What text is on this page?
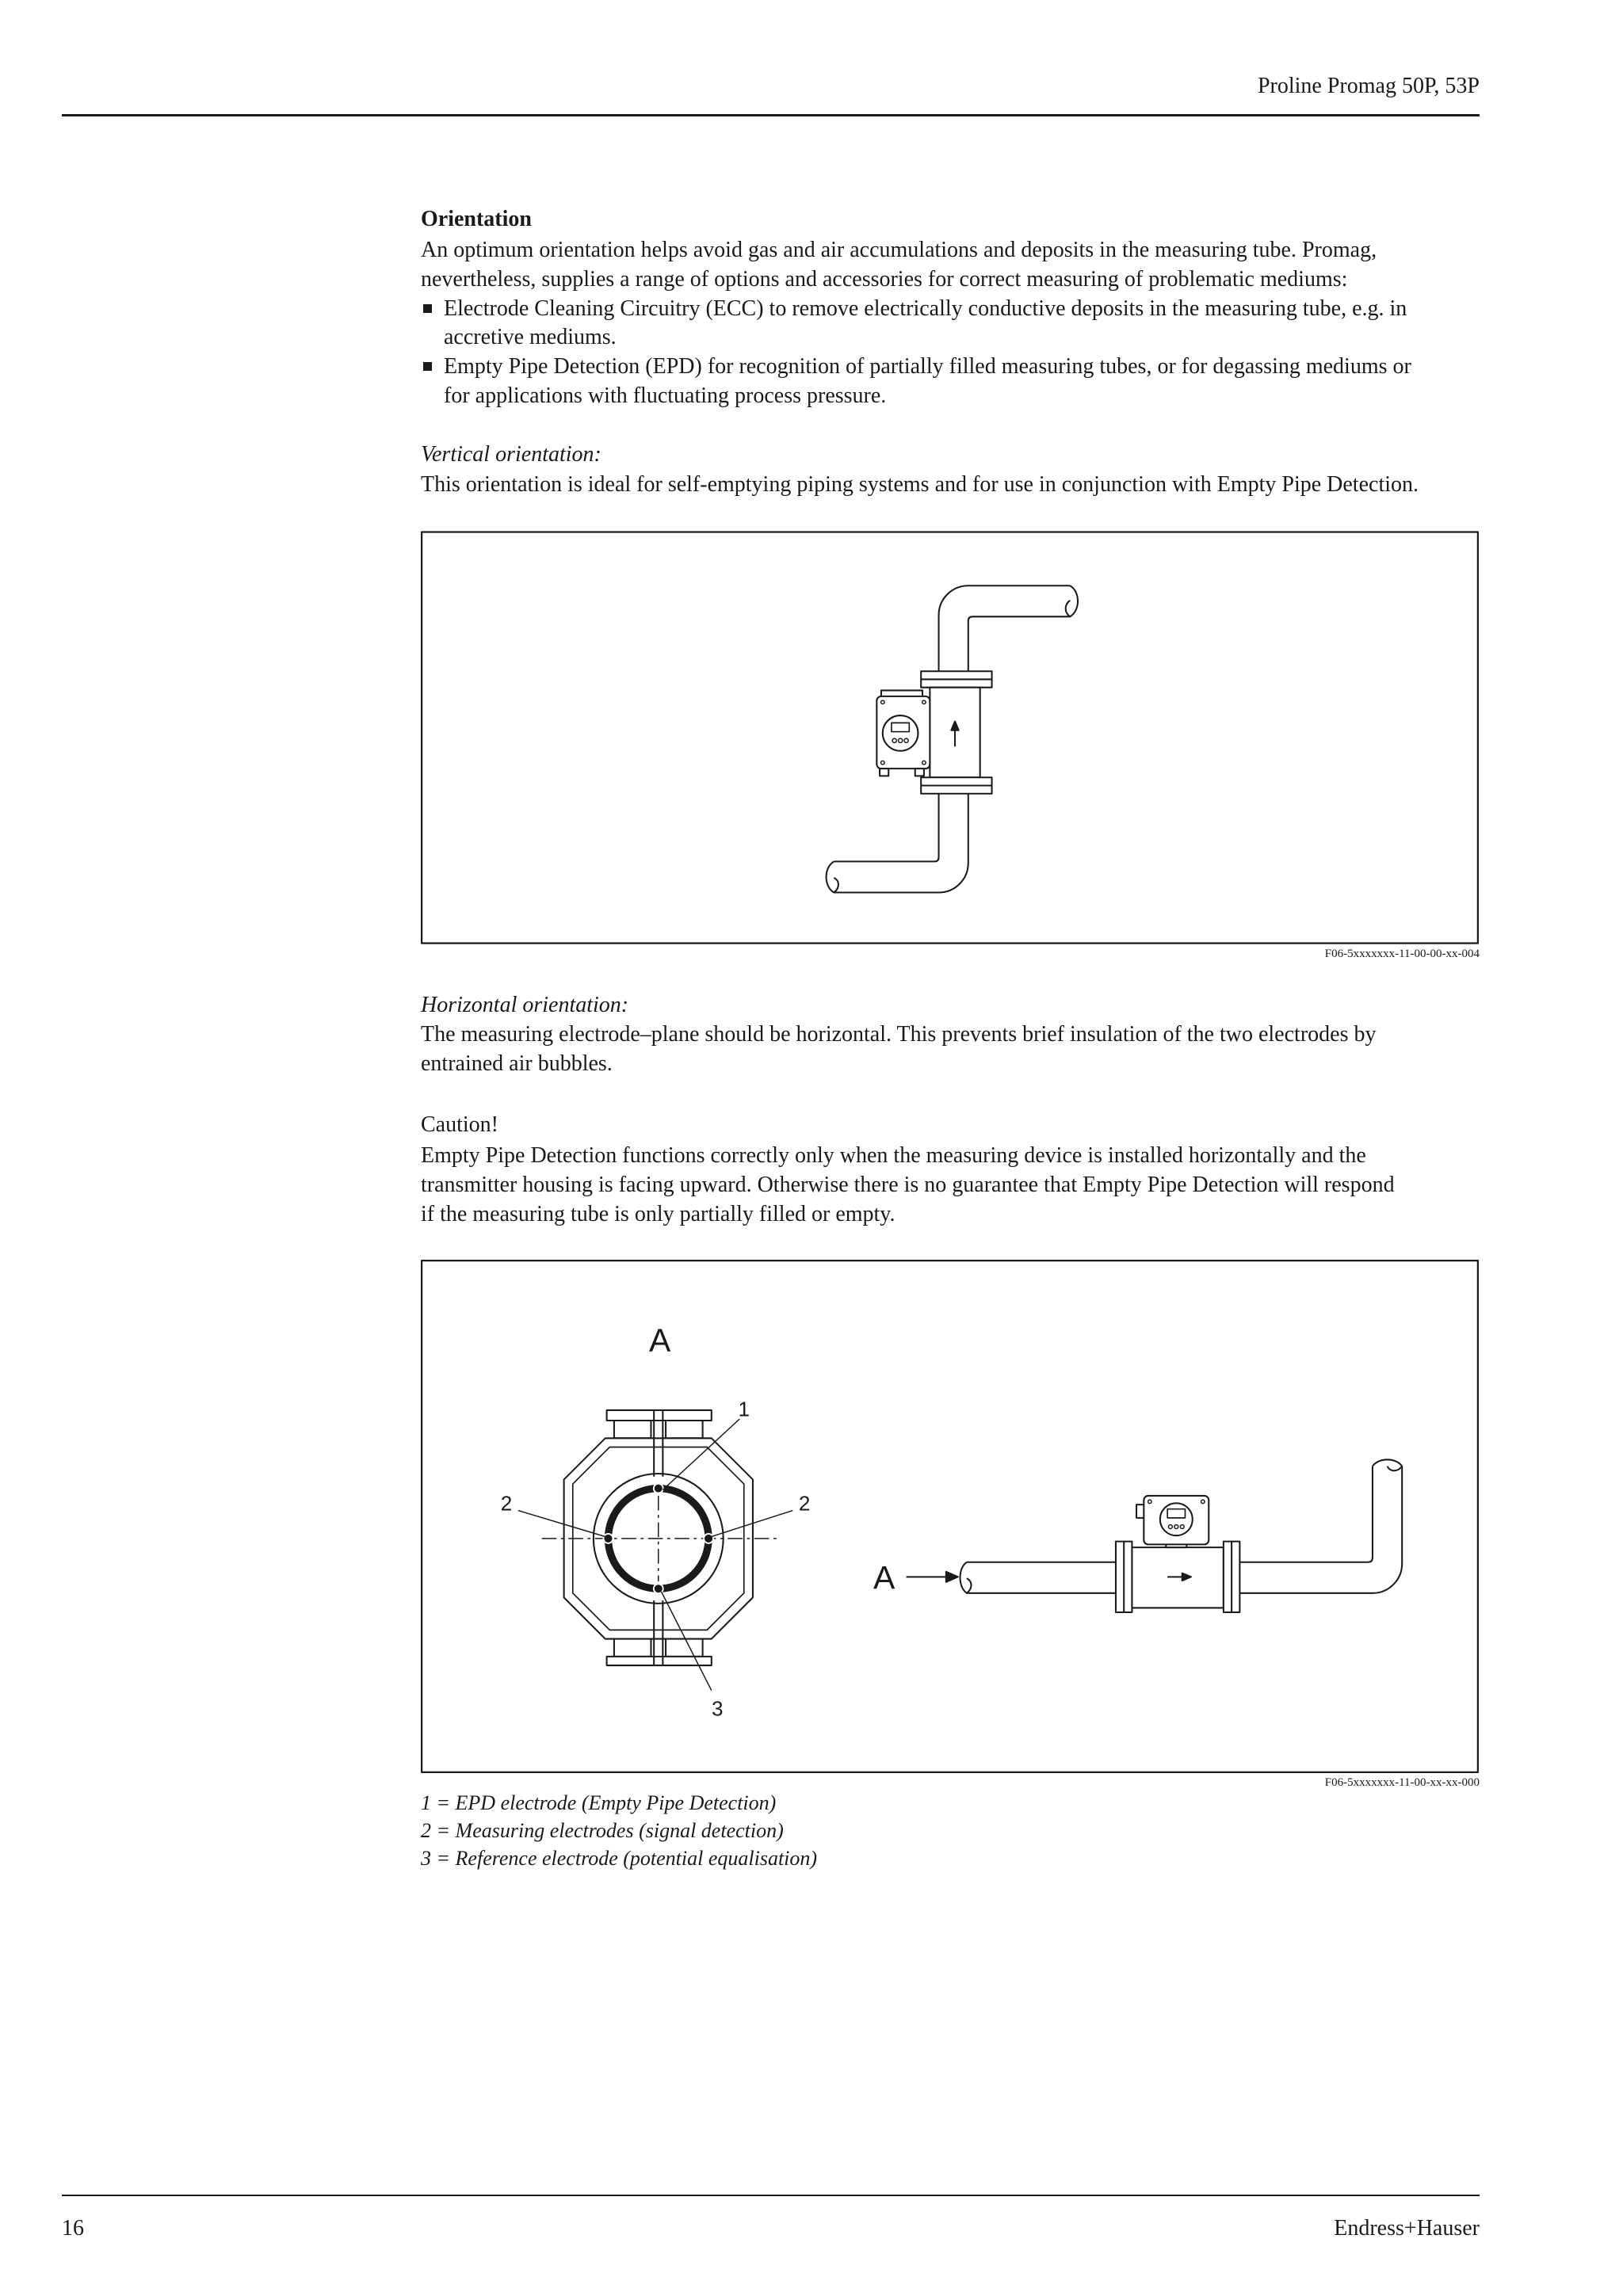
Proline Promag 50P, 53P
Orientation
An optimum orientation helps avoid gas and air accumulations and deposits in the measuring tube. Promag,
nevertheless, supplies a range of options and accessories for correct measuring of problematic mediums:
Electrode Cleaning Circuitry (ECC) to remove electrically conductive deposits in the measuring tube, e.g. in
accretive mediums.
Empty Pipe Detection (EPD) for recognition of partially filled measuring tubes, or for degassing mediums or
for applications with fluctuating process pressure.
Vertical orientation:
This orientation is ideal for self-emptying piping systems and for use in conjunction with Empty Pipe Detection.
F06-5xxxxxxx-11-00-00-xx-004
Horizontal orientation:
The measuring electrode–plane should be horizontal. This prevents brief insulation of the two electrodes by
entrained air bubbles.
Caution!
Empty Pipe Detection functions correctly only when the measuring device is installed horizontally and the
transmitter housing is facing upward. Otherwise there is no guarantee that Empty Pipe Detection will respond
if the measuring tube is only partially filled or empty.
A
1
2	2
3
A
F06-5xxxxxxx-11-00-xx-xx-000
1 = EPD electrode (Empty Pipe Detection)
2 = Measuring electrodes (signal detection)
3 = Reference electrode (potential equalisation)
16	Endress+Hauser
